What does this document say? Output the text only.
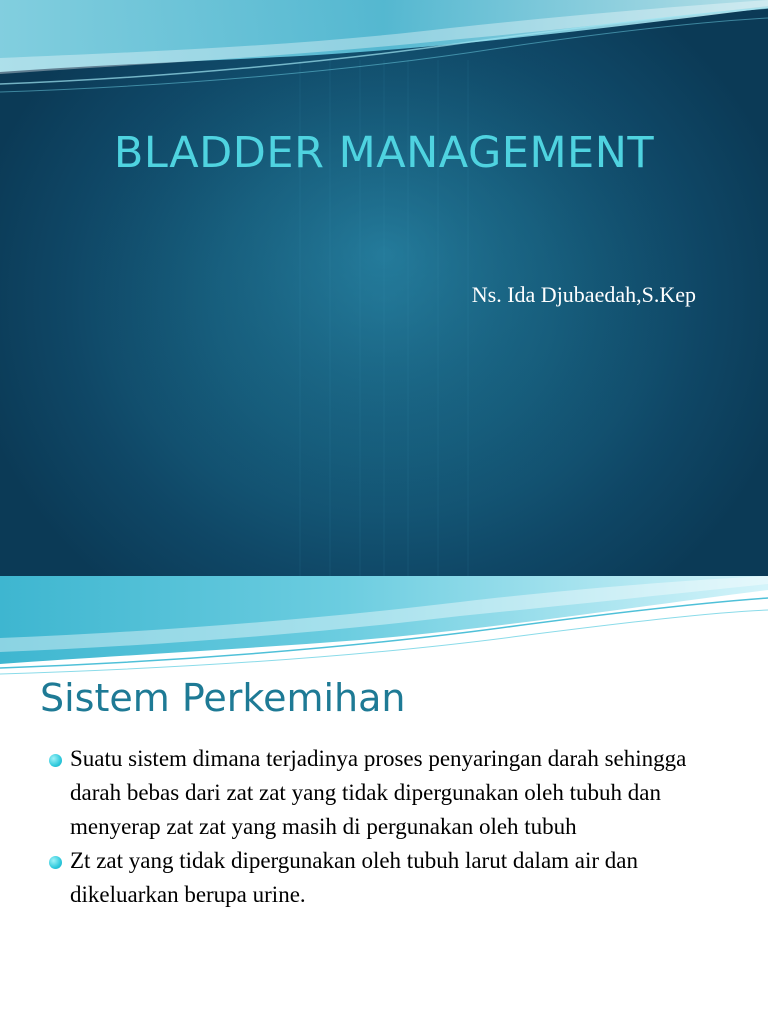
BLADDER MANAGEMENT

Ns. Ida Djubaedah,S.Kep

Sistem Perkemihan
Suatu sistem dimana terjadinya proses penyaringan darah sehingga darah bebas dari zat zat yang tidak dipergunakan oleh tubuh dan menyerap zat zat yang masih di pergunakan oleh tubuh
Zt zat yang tidak dipergunakan oleh tubuh larut dalam air dan dikeluarkan berupa urine.
